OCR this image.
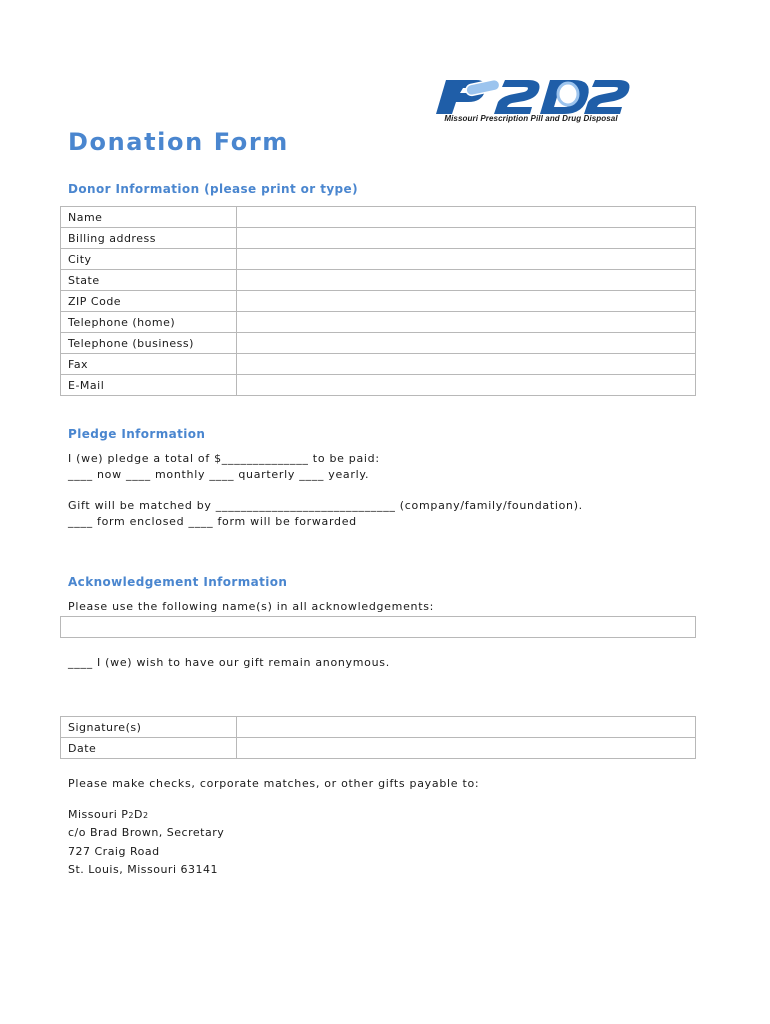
Missouri Prescription Pill and Drug Disposal
Donation Form
Donor Information (please print or type)
Name	
Billing address	
City	
State	
ZIP Code	
Telephone (home)	
Telephone (business)	
Fax	
E-Mail	
Pledge Information
I (we) pledge a total of $______________ to be paid:
____ now ____ monthly ____ quarterly ____ yearly.
Gift will be matched by _____________________________ (company/family/foundation).
____ form enclosed ____ form will be forwarded
Acknowledgement Information
Please use the following name(s) in all acknowledgements:
____ I (we) wish to have our gift remain anonymous.
Signature(s)	
Date	
Please make checks, corporate matches, or other gifts payable to:
Missouri P2D2
c/o Brad Brown, Secretary
727 Craig Road
St. Louis, Missouri 63141
